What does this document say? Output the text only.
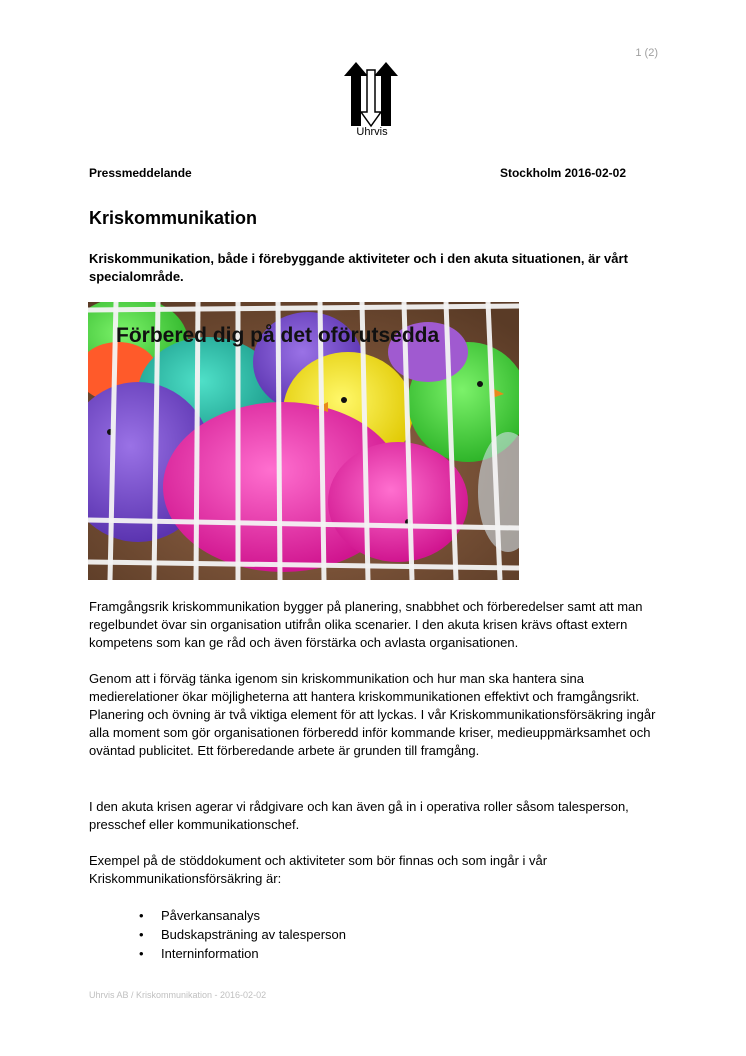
1 (2)
Uhrvis
Pressmeddelande	Stockholm 2016-02-02
Kriskommunikation

Kriskommunikation, både i förebyggande aktiviteter och i den akuta situationen, är vårt specialområde.

Förbered dig på det oförutsedda

Framgångsrik kriskommunikation bygger på planering, snabbhet och förberedelser samt att man regelbundet övar sin organisation utifrån olika scenarier. I den akuta krisen krävs oftast extern kompetens som kan ge råd och även förstärka och avlasta organisationen.

Genom att i förväg tänka igenom sin kriskommunikation och hur man ska hantera sina medierelationer ökar möjligheterna att hantera kriskommunikationen effektivt och framgångsrikt. Planering och övning är två viktiga element för att lyckas. I vår Kriskommunikationsförsäkring ingår alla moment som gör organisationen förberedd inför kommande kriser, medieuppmärksamhet och oväntad publicitet. Ett förberedande arbete är grunden till framgång.

I den akuta krisen agerar vi rådgivare och kan även gå in i operativa roller såsom talesperson, presschef eller kommunikationschef.

Exempel på de stöddokument och aktiviteter som bör finnas och som ingår i vår Kriskommunikationsförsäkring är:

• Påverkansanalys
• Budskapsträning av talesperson
• Interninformation
Uhrvis AB / Kriskommunikation - 2016-02-02
